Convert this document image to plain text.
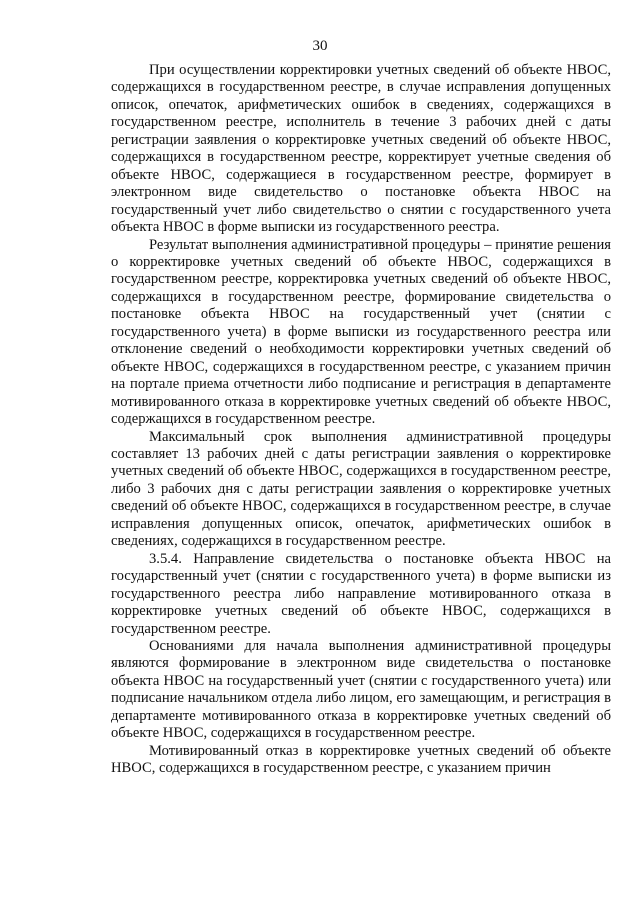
30

При осуществлении корректировки учетных сведений об объекте НВОС, содержащихся в государственном реестре, в случае исправления допущенных описок, опечаток, арифметических ошибок в сведениях, содержащихся в государственном реестре, исполнитель в течение 3 рабочих дней с даты регистрации заявления о корректировке учетных сведений об объекте НВОС, содержащихся в государственном реестре, корректирует учетные сведения об объекте НВОС, содержащиеся в государственном реестре, формирует в электронном виде свидетельство о постановке объекта НВОС на государственный учет либо свидетельство о снятии с государственного учета объекта НВОС в форме выписки из государственного реестра.

Результат выполнения административной процедуры – принятие решения о корректировке учетных сведений об объекте НВОС, содержащихся в государственном реестре, корректировка учетных сведений об объекте НВОС, содержащихся в государственном реестре, формирование свидетельства о постановке объекта НВОС на государственный учет (снятии с государственного учета) в форме выписки из государственного реестра или отклонение сведений о необходимости корректировки учетных сведений об объекте НВОС, содержащихся в государственном реестре, с указанием причин на портале приема отчетности либо подписание и регистрация в департаменте мотивированного отказа в корректировке учетных сведений об объекте НВОС, содержащихся в государственном реестре.

Максимальный срок выполнения административной процедуры составляет 13 рабочих дней с даты регистрации заявления о корректировке учетных сведений об объекте НВОС, содержащихся в государственном реестре, либо 3 рабочих дня с даты регистрации заявления о корректировке учетных сведений об объекте НВОС, содержащихся в государственном реестре, в случае исправления допущенных описок, опечаток, арифметических ошибок в сведениях, содержащихся в государственном реестре.

3.5.4. Направление свидетельства о постановке объекта НВОС на государственный учет (снятии с государственного учета) в форме выписки из государственного реестра либо направление мотивированного отказа в корректировке учетных сведений об объекте НВОС, содержащихся в государственном реестре.

Основаниями для начала выполнения административной процедуры являются формирование в электронном виде свидетельства о постановке объекта НВОС на государственный учет (снятии с государственного учета) или подписание начальником отдела либо лицом, его замещающим, и регистрация в департаменте мотивированного отказа в корректировке учетных сведений об объекте НВОС, содержащихся в государственном реестре.

Мотивированный отказ в корректировке учетных сведений об объекте НВОС, содержащихся в государственном реестре, с указанием причин
